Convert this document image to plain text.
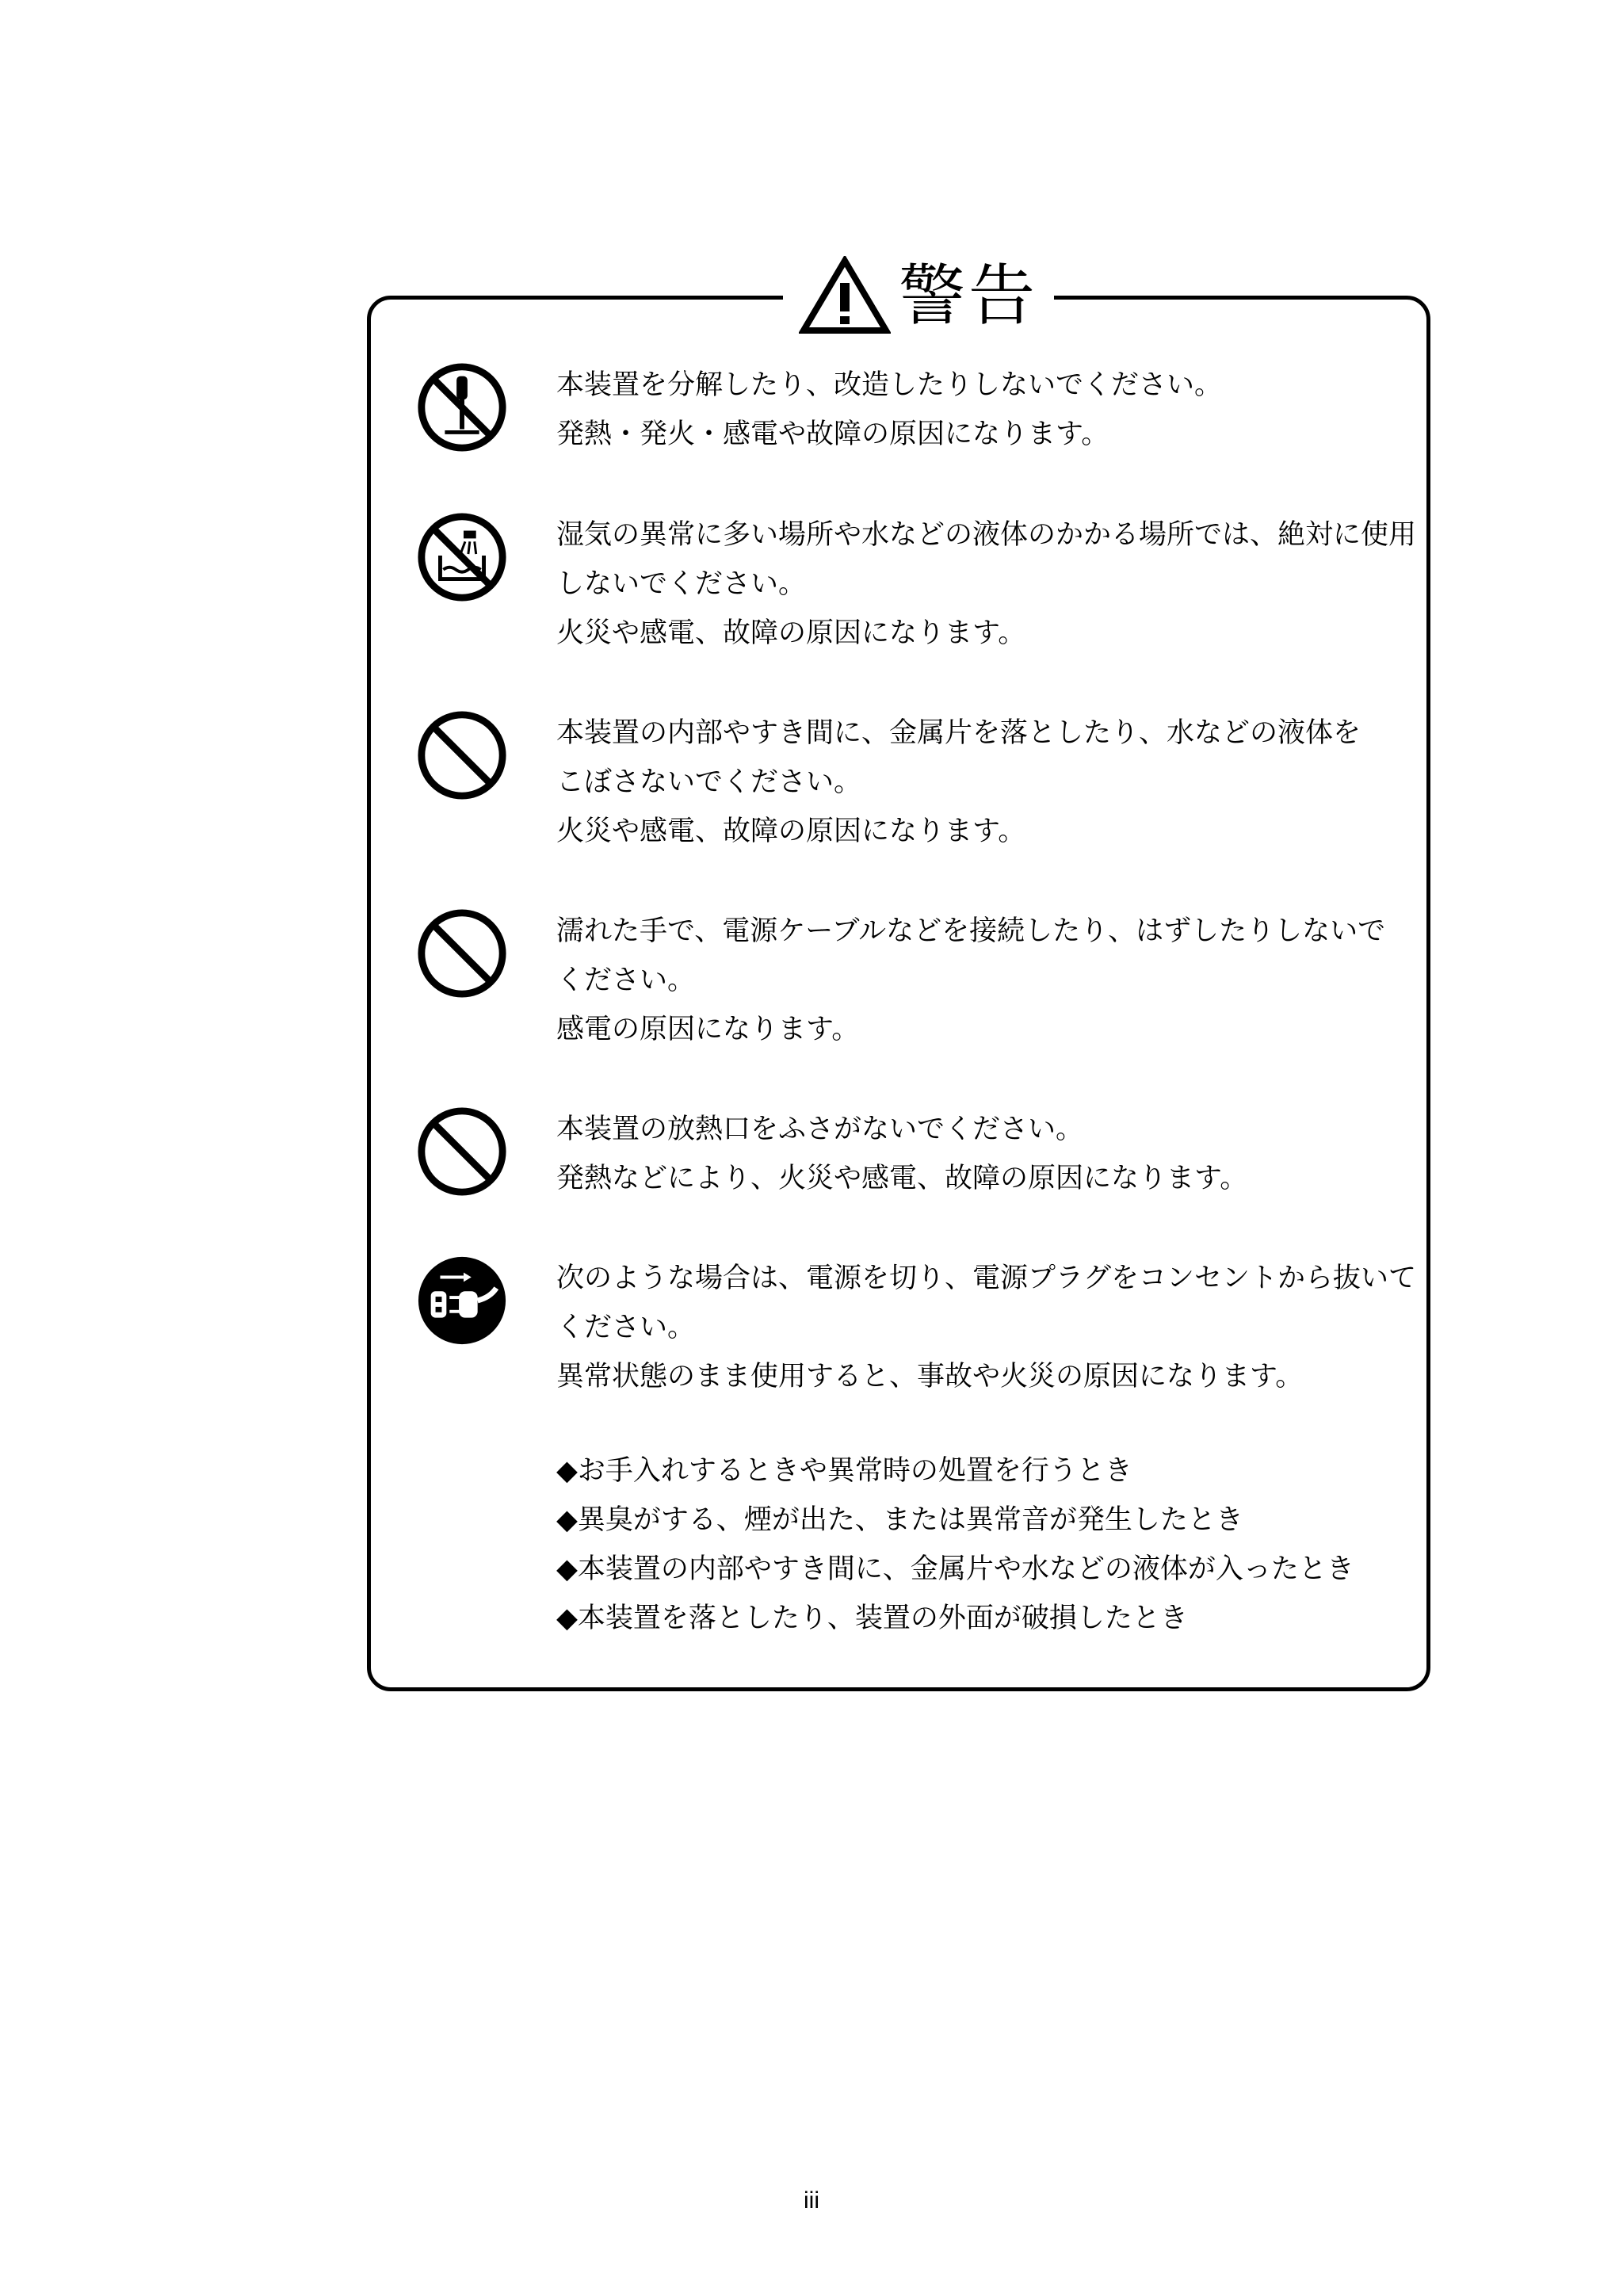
警告
本装置を分解したり、改造したりしないでください。
発熱・発火・感電や故障の原因になります。
湿気の異常に多い場所や水などの液体のかかる場所では、絶対に使用
しないでください。
火災や感電、故障の原因になります。
本装置の内部やすき間に、金属片を落としたり、水などの液体を
こぼさないでください。
火災や感電、故障の原因になります。
濡れた手で、電源ケーブルなどを接続したり、はずしたりしないで
ください。
感電の原因になります。
本装置の放熱口をふさがないでください。
発熱などにより、火災や感電、故障の原因になります。
次のような場合は、電源を切り、電源プラグをコンセントから抜いて
ください。
異常状態のまま使用すると、事故や火災の原因になります。
◆お手入れするときや異常時の処置を行うとき
◆異臭がする、煙が出た、または異常音が発生したとき
◆本装置の内部やすき間に、金属片や水などの液体が入ったとき
◆本装置を落としたり、装置の外面が破損したとき
iii
